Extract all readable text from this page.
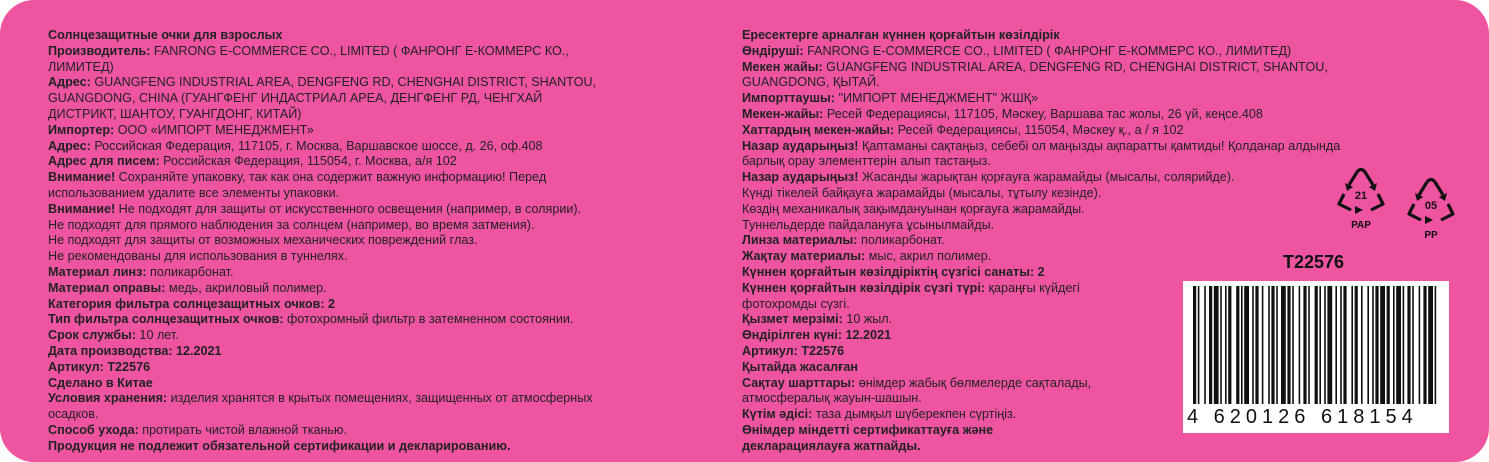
Солнцезащитные очки для взрослых
Производитель: FANRONG E-COMMERCE CO., LIMITED ( ФАНРОНГ Е-КОММЕРС КО.,
ЛИМИТЕД)
Адрес: GUANGFENG INDUSTRIAL AREA, DENGFENG RD, CHENGHAI DISTRICT, SHANTOU,
GUANGDONG, CHINA (ГУАНГФЕНГ ИНДАСТРИАЛ АРЕА, ДЕНГФЕНГ РД, ЧЕНГХАЙ
ДИСТРИКТ, ШАНТОУ, ГУАНГДОНГ, КИТАЙ)
Импортер: ООО «ИМПОРТ МЕНЕДЖМЕНТ»
Адрес: Российская Федерация, 117105, г. Москва, Варшавское шоссе, д. 26, оф.408
Адрес для писем: Российская Федерация, 115054, г. Москва, а/я 102
Внимание! Сохраняйте упаковку, так как она содержит важную информацию! Перед
использованием удалите все элементы упаковки.
Внимание! Не подходят для защиты от искусственного освещения (например, в солярии).
Не подходят для прямого наблюдения за солнцем (например, во время затмения).
Не подходят для защиты от возможных механических повреждений глаз.
Не рекомендованы для использования в туннелях.
Материал линз: поликарбонат.
Материал оправы: медь, акриловый полимер.
Категория фильтра солнцезащитных очков: 2
Тип фильтра солнцезащитных очков: фотохромный фильтр в затемненном состоянии.
Срок службы: 10 лет.
Дата производства: 12.2021
Артикул: T22576
Сделано в Китае
Условия хранения: изделия хранятся в крытых помещениях, защищенных от атмосферных
осадков.
Способ ухода: протирать чистой влажной тканью.
Продукция не подлежит обязательной сертификации и декларированию.
Ересектерге арналған күннен қорғайтын көзілдірік
Өндіруші: FANRONG E-COMMERCE CO., LIMITED ( ФАНРОНГ Е-КОММЕРС КО., ЛИМИТЕД)
Мекен жайы: GUANGFENG INDUSTRIAL AREA, DENGFENG RD, CHENGHAI DISTRICT, SHANTOU,
GUANGDONG, ҚЫТАЙ.
Импорттаушы: "ИМПОРТ МЕНЕДЖМЕНТ" ЖШҚ»
Мекен-жайы: Ресей Федерациясы, 117105, Мәскеу, Варшава тас жолы, 26 үй, кеңсе.408
Хаттардың мекен-жайы: Ресей Федерациясы, 115054, Мәскеу қ., а / я 102
Назар аударыңыз! Қаптаманы сақтаңыз, себебі ол маңызды ақпаратты қамтиды! Қолданар алдында
барлық орау элементтерін алып тастаңыз.
Назар аударыңыз! Жасанды жарықтан қорғауға жарамайды (мысалы, солярийде).
Күнді тікелей байқауға жарамайды (мысалы, тұтылу кезінде).
Көздің механикалық зақымдануынан қорғауға жарамайды.
Туннельдерде пайдалануға ұсынылмайды.
Линза материалы: поликарбонат.
Жақтау материалы: мыс, акрил полимер.
Күннен қорғайтын көзілдіріктің сүзгісі санаты: 2
Күннен қорғайтын көзілдірік сүзгі түрі: қараңғы күйдегі
фотохромды сүзгі.
Қызмет мерзімі: 10 жыл.
Өндірілген күні: 12.2021
Артикул: T22576
Қытайда жасалған
Сақтау шарттары: өнімдер жабық бөлмелерде сақталады,
атмосфералық жауын-шашын.
Күтім әдісі: таза дымқыл шүберекпен сүртіңіз.
Өнімдер міндетті сертификаттауға және
декларациялауға жатпайды.
21
PAP
05
PP
T22576
4 620126 618154
